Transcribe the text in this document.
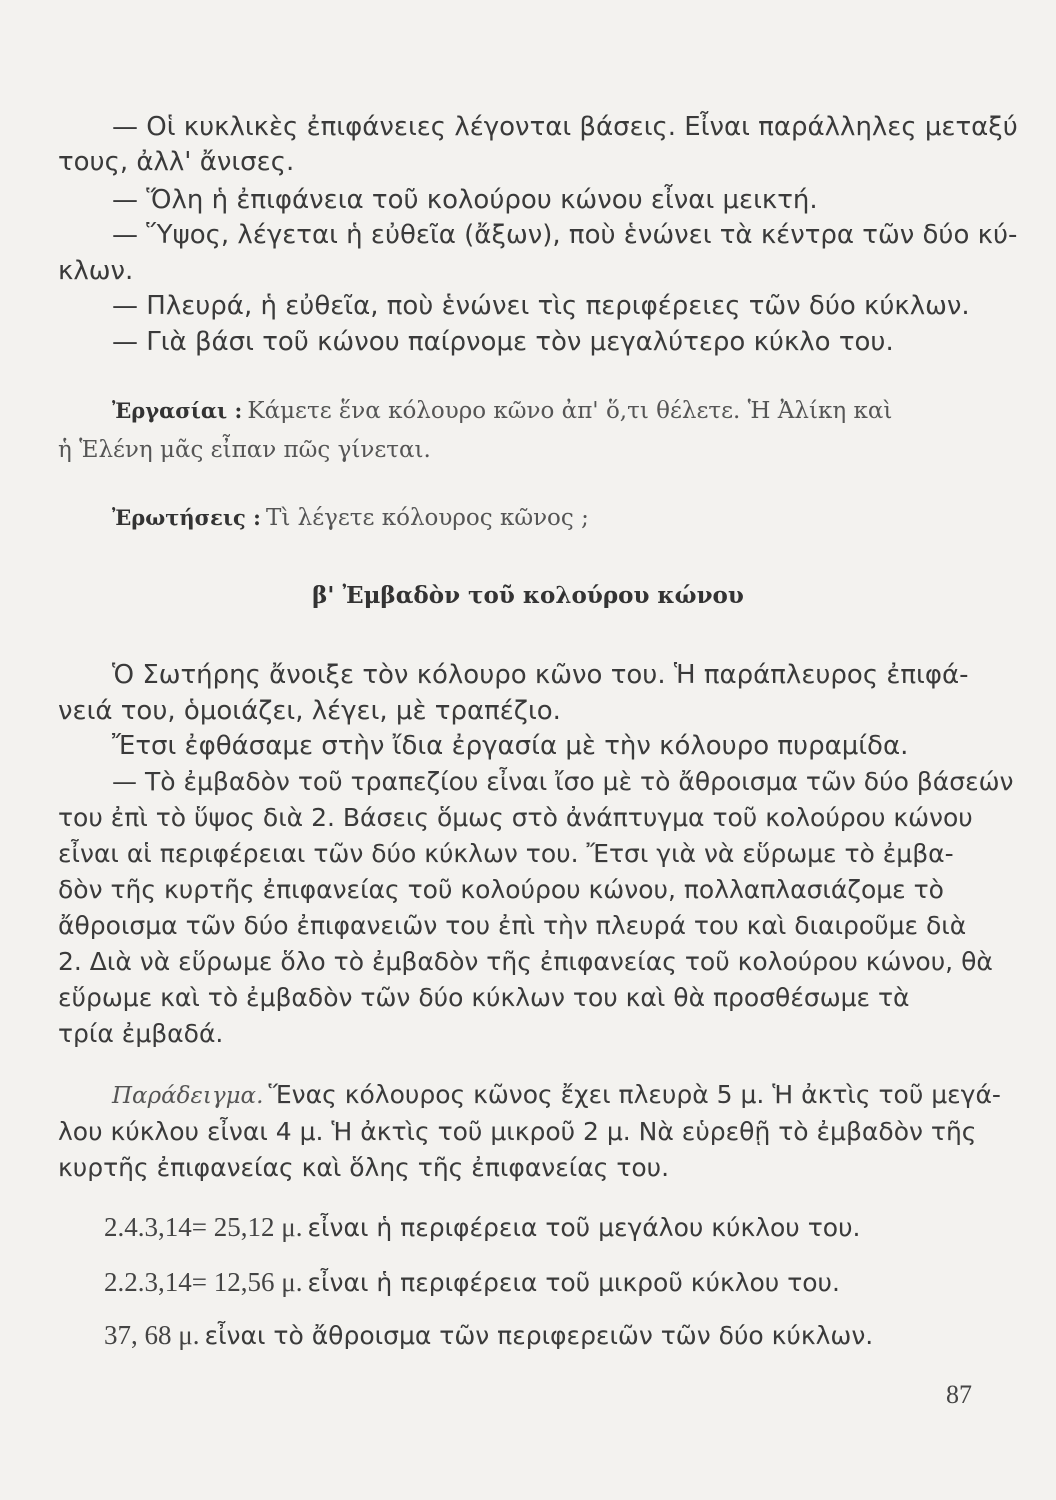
— Οἱ κυκλικὲς ἐπιφάνειες λέγονται βάσεις. Εἶναι παράλληλες μεταξύ
τους, ἀλλ' ἄνισες.
— Ὅλη ἡ ἐπιφάνεια τοῦ κολούρου κώνου εἶναι μεικτή.
— Ὕψος, λέγεται ἡ εὐθεῖα (ἄξων), ποὺ ἑνώνει τὰ κέντρα τῶν δύο κύ-
κλων.
— Πλευρά, ἡ εὐθεῖα, ποὺ ἑνώνει τὶς περιφέρειες τῶν δύο κύκλων.
— Γιὰ βάσι τοῦ κώνου παίρνομε τὸν μεγαλύτερο κύκλο του.
Ἐργασίαι : Κάμετε ἕνα κόλουρο κῶνο ἀπ' ὅ,τι θέλετε. Ἡ Ἀλίκη καὶ
ἡ Ἑλένη μᾶς εἶπαν πῶς γίνεται.
Ἐρωτήσεις : Τὶ λέγετε κόλουρος κῶνος ;
β' Ἐμβαδὸν τοῦ κολούρου κώνου
Ὁ Σωτήρης ἄνοιξε τὸν κόλουρο κῶνο του. Ἡ παράπλευρος ἐπιφά-
νειά του, ὁμοιάζει, λέγει, μὲ τραπέζιο.
Ἔτσι ἐφθάσαμε στὴν ἴδια ἐργασία μὲ τὴν κόλουρο πυραμίδα.
— Τὸ ἐμβαδὸν τοῦ τραπεζίου εἶναι ἴσο μὲ τὸ ἄθροισμα τῶν δύο βάσεών
του ἐπὶ τὸ ὕψος διὰ 2. Βάσεις ὅμως στὸ ἀνάπτυγμα τοῦ κολούρου κώνου
εἶναι αἱ περιφέρειαι τῶν δύο κύκλων του. Ἔτσι γιὰ νὰ εὕρωμε τὸ ἐμβα-
δὸν τῆς κυρτῆς ἐπιφανείας τοῦ κολούρου κώνου, πολλαπλασιάζομε τὸ
ἄθροισμα τῶν δύο ἐπιφανειῶν του ἐπὶ τὴν πλευρά του καὶ διαιροῦμε διὰ
2. Διὰ νὰ εὕρωμε ὅλο τὸ ἐμβαδὸν τῆς ἐπιφανείας τοῦ κολούρου κώνου, θὰ
εὕρωμε καὶ τὸ ἐμβαδὸν τῶν δύο κύκλων του καὶ θὰ προσθέσωμε τὰ
τρία ἐμβαδά.
Παράδειγμα. Ἕνας κόλουρος κῶνος ἔχει πλευρὰ 5 μ. Ἡ ἀκτὶς τοῦ μεγά-
λου κύκλου εἶναι 4 μ. Ἡ ἀκτὶς τοῦ μικροῦ 2 μ. Νὰ εὑρεθῇ τὸ ἐμβαδὸν τῆς
κυρτῆς ἐπιφανείας καὶ ὅλης τῆς ἐπιφανείας του.
2.4.3,14= 25,12 μ. εἶναι ἡ περιφέρεια τοῦ μεγάλου κύκλου του.
2.2.3,14= 12,56 μ. εἶναι ἡ περιφέρεια τοῦ μικροῦ κύκλου του.
37, 68 μ. εἶναι τὸ ἄθροισμα τῶν περιφερειῶν τῶν δύο κύκλων.
87
